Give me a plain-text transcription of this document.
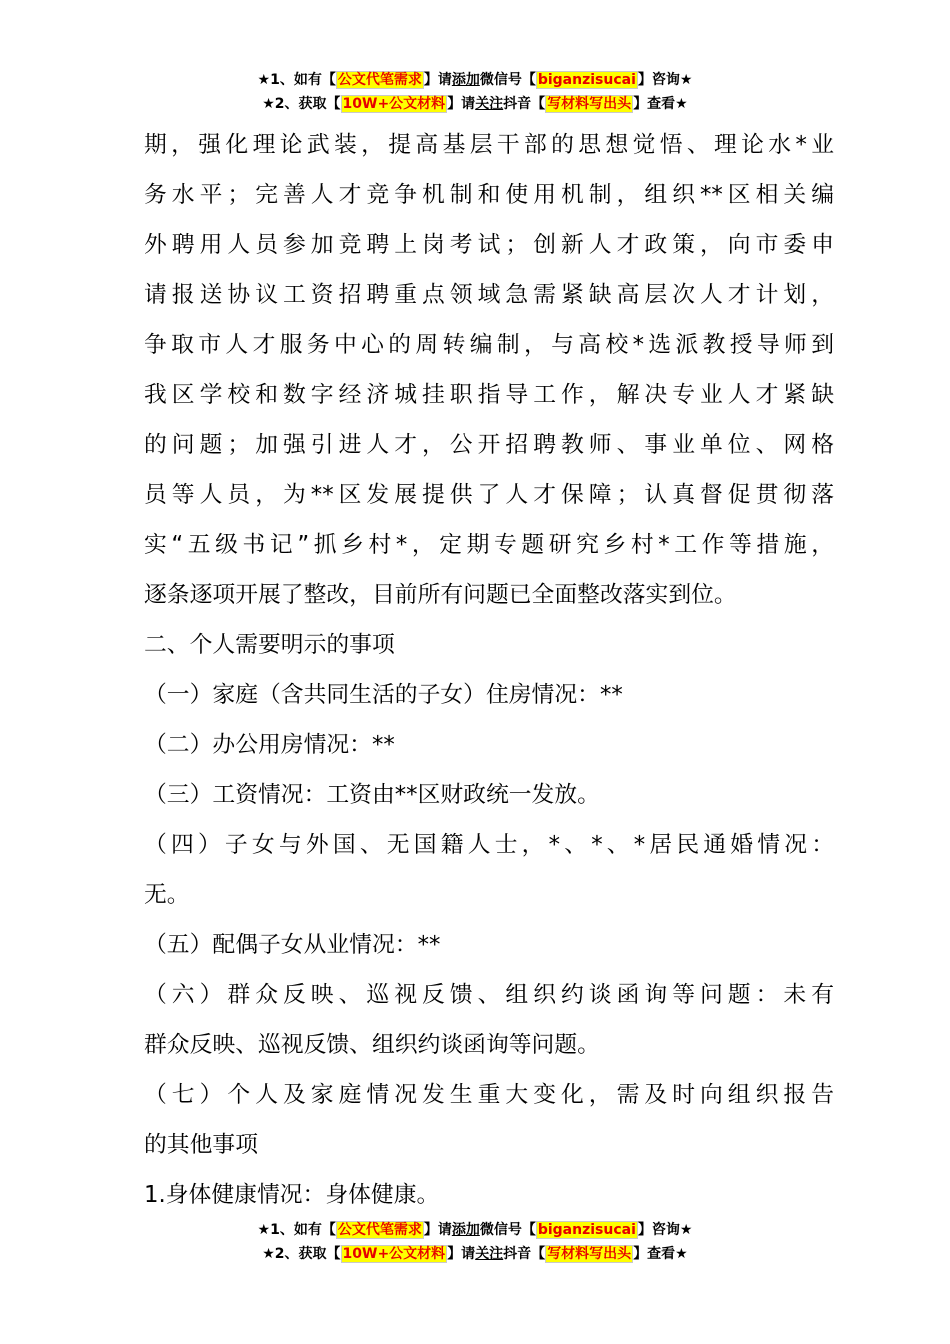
★1、如有【 公文代笔需求 】请添加微信号【 biganzisucai 】咨询★
★2、获取【 10W+公文材料 】请关注抖音【 写材料写出头 】查看★

期，强化理论武装，提高基层干部的思想觉悟、理论水*业

务水平；完善人才竞争机制和使用机制，组织**区相关编

外聘用人员参加竞聘上岗考试；创新人才政策，向市委申

请报送协议工资招聘重点领域急需紧缺高层次人才计划，

争取市人才服务中心的周转编制，与高校*选派教授导师到

我区学校和数字经济城挂职指导工作，解决专业人才紧缺

的问题；加强引进人才，公开招聘教师、事业单位、网格

员等人员，为**区发展提供了人才保障；认真督促贯彻落

实“五级书记”抓乡村*，定期专题研究乡村*工作等措施，

逐条逐项开展了整改，目前所有问题已全面整改落实到位。

二、个人需要明示的事项

（一）家庭（含共同生活的子女）住房情况：**

（二）办公用房情况：**

（三）工资情况：工资由**区财政统一发放。

（四）子女与外国、无国籍人士，*、*、*居民通婚情况：

无。

（五）配偶子女从业情况：**

（六）群众反映、巡视反馈、组织约谈函询等问题：未有

群众反映、巡视反馈、组织约谈函询等问题。

（七）个人及家庭情况发生重大变化，需及时向组织报告

的其他事项

1.身体健康情况：身体健康。

★1、如有【 公文代笔需求 】请添加微信号【 biganzisucai 】咨询★
★2、获取【 10W+公文材料 】请关注抖音【 写材料写出头 】查看★
